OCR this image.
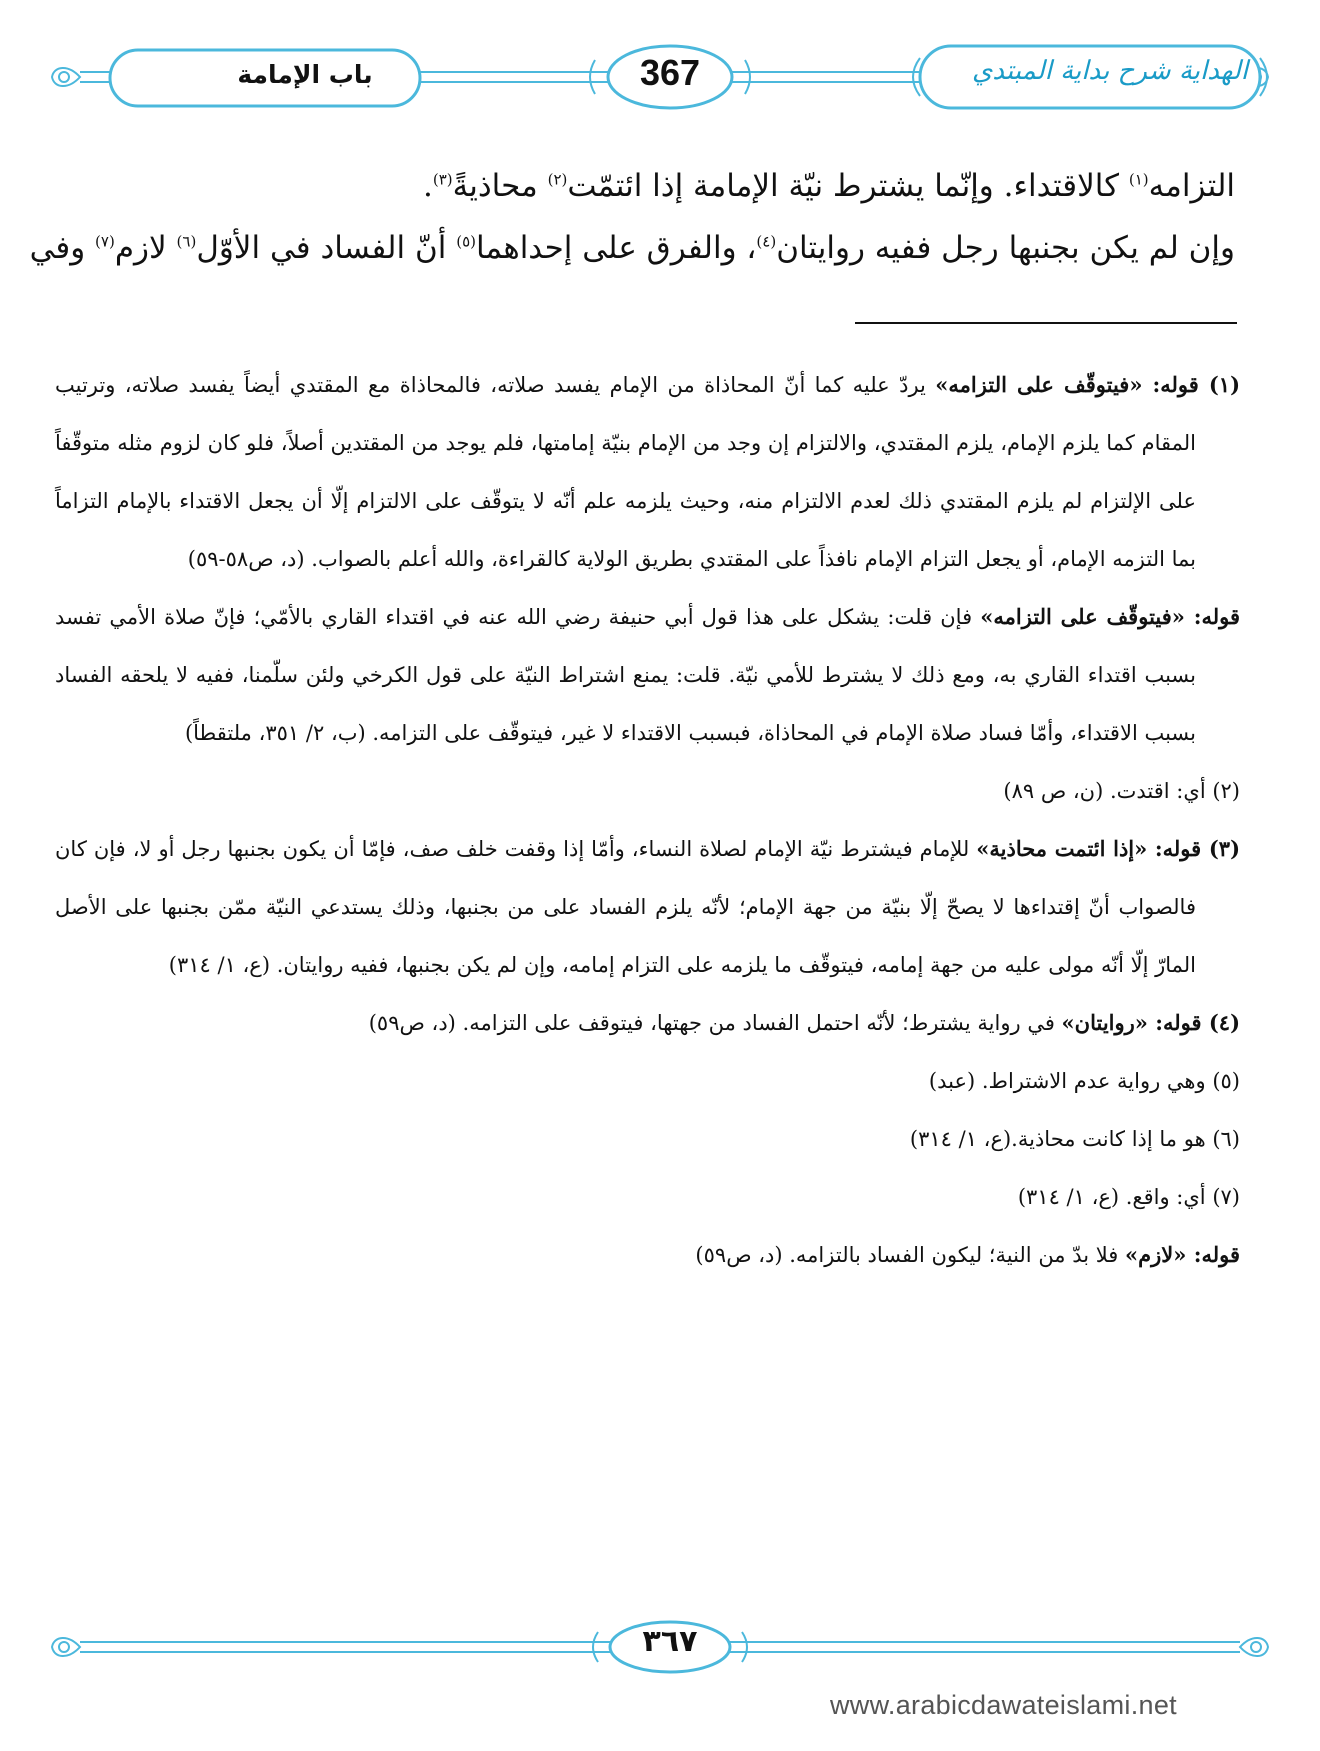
باب الإمامة	367	الهداية شرح بداية المبتدي

التزامه$^{(١)}$ كالاقتداء. وإنّما يشترط نيّة الإمامة إذا ائتمّت$^{(٢)}$ محاذيةً$^{(٣)}$.

وإن لم يكن بجنبها رجل ففيه روايتان$^{(٤)}$، والفرق على إحداهما$^{(٥)}$ أنّ الفساد في الأوّل$^{(٦)}$ لازم$^{(٧)}$ وفي

(١) قوله: «فيتوقّف على التزامه» يردّ عليه كما أنّ المحاذاة من الإمام يفسد صلاته، فالمحاذاة مع المقتدي أيضاً يفسد صلاته، وترتيب المقام كما يلزم الإمام، يلزم المقتدي، والالتزام إن وجد من الإمام بنيّة إمامتها، فلم يوجد من المقتدين أصلاً، فلو كان لزوم مثله متوقّفاً على الإلتزام لم يلزم المقتدي ذلك لعدم الالتزام منه، وحيث يلزمه علم أنّه لا يتوقّف على الالتزام إلّا أن يجعل الاقتداء بالإمام التزاماً بما التزمه الإمام، أو يجعل التزام الإمام نافذاً على المقتدي بطريق الولاية كالقراءة، والله أعلم بالصواب. (د، ص٥٨-٥٩)

قوله: «فيتوقّف على التزامه» فإن قلت: يشكل على هذا قول أبي حنيفة رضي الله عنه في اقتداء القاري بالأمّي؛ فإنّ صلاة الأمي تفسد بسبب اقتداء القاري به، ومع ذلك لا يشترط للأمي نيّة. قلت: يمنع اشتراط النيّة على قول الكرخي ولئن سلّمنا، ففيه لا يلحقه الفساد بسبب الاقتداء، وأمّا فساد صلاة الإمام في المحاذاة، فبسبب الاقتداء لا غير، فيتوقّف على التزامه. (ب، ٢/ ٣٥١، ملتقطاً)

(٢) أي: اقتدت. (ن، ص ٨٩)

(٣) قوله: «إذا ائتمت محاذية» للإمام فيشترط نيّة الإمام لصلاة النساء، وأمّا إذا وقفت خلف صف، فإمّا أن يكون بجنبها رجل أو لا، فإن كان فالصواب أنّ إقتداءها لا يصحّ إلّا بنيّة من جهة الإمام؛ لأنّه يلزم الفساد على من بجنبها، وذلك يستدعي النيّة ممّن بجنبها على الأصل المارّ إلّا أنّه مولى عليه من جهة إمامه، فيتوقّف ما يلزمه على التزام إمامه، وإن لم يكن بجنبها، ففيه روايتان. (ع، ١/ ٣١٤)

(٤) قوله: «روايتان» في رواية يشترط؛ لأنّه احتمل الفساد من جهتها، فيتوقف على التزامه. (د، ص٥٩)

(٥) وهي رواية عدم الاشتراط. (عبد)

(٦) هو ما إذا كانت محاذية.(ع، ١/ ٣١٤)

(٧) أي: واقع. (ع، ١/ ٣١٤)

قوله: «لازم» فلا بدّ من النية؛ ليكون الفساد بالتزامه. (د، ص٥٩)

٣٦٧
www.arabicdawateislami.net
